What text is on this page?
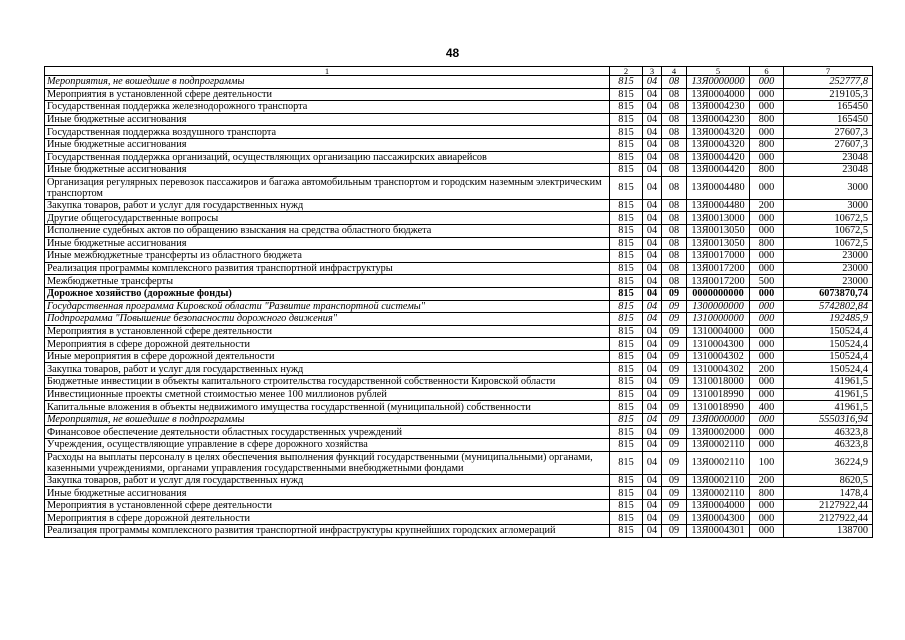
48
1	2	3	4	5	6	7
Мероприятия, не вошедшие в подпрограммы	815	04	08	13Я0000000	000	252777,8
Мероприятия в установленной сфере деятельности	815	04	08	13Я0004000	000	219105,3
Государственная поддержка железнодорожного транспорта	815	04	08	13Я0004230	000	165450
Иные бюджетные ассигнования	815	04	08	13Я0004230	800	165450
Государственная поддержка воздушного транспорта	815	04	08	13Я0004320	000	27607,3
Иные бюджетные ассигнования	815	04	08	13Я0004320	800	27607,3
Государственная поддержка организаций, осуществляющих организацию пассажирских авиарейсов	815	04	08	13Я0004420	000	23048
Иные бюджетные ассигнования	815	04	08	13Я0004420	800	23048
Организация регулярных перевозок пассажиров и багажа автомобильным транспортом и городским наземным электрическим транспортом	815	04	08	13Я0004480	000	3000
Закупка товаров, работ и услуг для государственных нужд	815	04	08	13Я0004480	200	3000
Другие общегосударственные вопросы	815	04	08	13Я0013000	000	10672,5
Исполнение судебных актов по обращению взыскания на средства областного бюджета	815	04	08	13Я0013050	000	10672,5
Иные бюджетные ассигнования	815	04	08	13Я0013050	800	10672,5
Иные межбюджетные трансферты из областного бюджета	815	04	08	13Я0017000	000	23000
Реализация программы комплексного развития транспортной инфраструктуры	815	04	08	13Я0017200	000	23000
Межбюджетные трансферты	815	04	08	13Я0017200	500	23000
Дорожное хозяйство (дорожные фонды)	815	04	09	0000000000	000	6073870,74
Государственная программа Кировской области "Развитие транспортной системы"	815	04	09	1300000000	000	5742802,84
Подпрограмма "Повышение безопасности дорожного движения"	815	04	09	1310000000	000	192485,9
Мероприятия в установленной сфере деятельности	815	04	09	1310004000	000	150524,4
Мероприятия в сфере дорожной деятельности	815	04	09	1310004300	000	150524,4
Иные мероприятия в сфере дорожной деятельности	815	04	09	1310004302	000	150524,4
Закупка товаров, работ и услуг для государственных нужд	815	04	09	1310004302	200	150524,4
Бюджетные инвестиции в объекты капитального строительства государственной собственности Кировской области	815	04	09	1310018000	000	41961,5
Инвестиционные проекты сметной стоимостью менее 100 миллионов рублей	815	04	09	1310018990	000	41961,5
Капитальные вложения в объекты недвижимого имущества государственной (муниципальной) собственности	815	04	09	1310018990	400	41961,5
Мероприятия, не вошедшие в подпрограммы	815	04	09	13Я0000000	000	5550316,94
Финансовое обеспечение деятельности областных государственных учреждений	815	04	09	13Я0002000	000	46323,8
Учреждения, осуществляющие управление в сфере дорожного хозяйства	815	04	09	13Я0002110	000	46323,8
Расходы на выплаты персоналу в целях обеспечения выполнения функций государственными (муниципальными) органами, казенными учреждениями, органами управления государственными внебюджетными фондами	815	04	09	13Я0002110	100	36224,9
Закупка товаров, работ и услуг для государственных нужд	815	04	09	13Я0002110	200	8620,5
Иные бюджетные ассигнования	815	04	09	13Я0002110	800	1478,4
Мероприятия в установленной сфере деятельности	815	04	09	13Я0004000	000	2127922,44
Мероприятия в сфере дорожной деятельности	815	04	09	13Я0004300	000	2127922,44
Реализация программы комплексного развития транспортной инфраструктуры крупнейших городских агломераций	815	04	09	13Я0004301	000	138700
